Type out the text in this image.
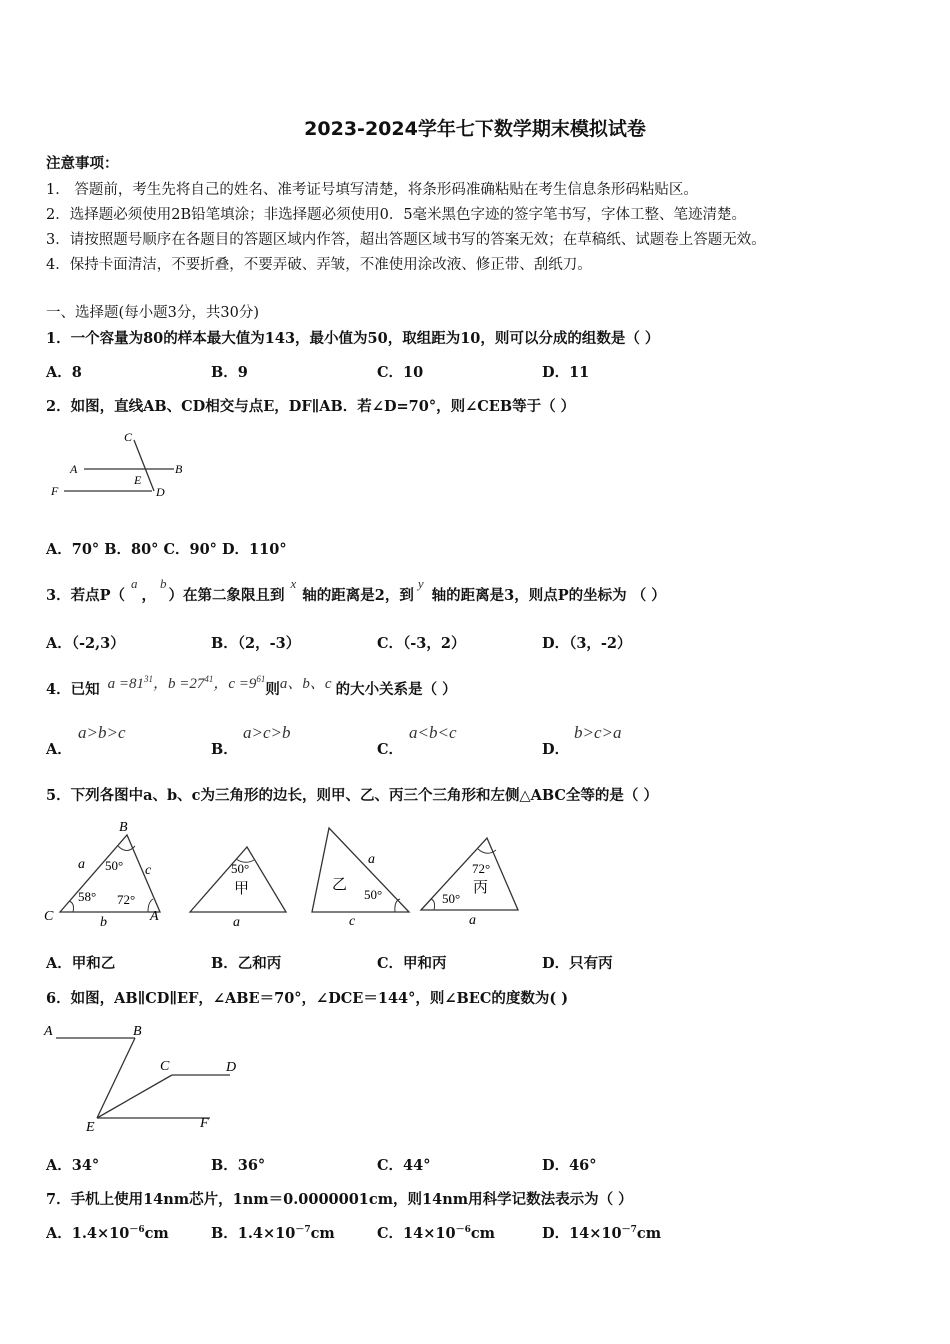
2023-2024学年七下数学期末模拟试卷
注意事项：
1． 答题前，考生先将自己的姓名、准考证号填写清楚，将条形码准确粘贴在考生信息条形码粘贴区。
2．选择题必须使用2B铅笔填涂；非选择题必须使用0．5毫米黑色字迹的签字笔书写，字体工整、笔迹清楚。
3．请按照题号顺序在各题目的答题区域内作答，超出答题区域书写的答案无效；在草稿纸、试题卷上答题无效。
4．保持卡面清洁，不要折叠，不要弄破、弄皱，不准使用涂改液、修正带、刮纸刀。
一、选择题(每小题3分，共30分)
1．一个容量为80的样本最大值为143，最小值为50，取组距为10，则可以分成的组数是（ ）
A．8	B．9	C．10	D．11
2．如图，直线AB、CD相交与点E，DF∥AB．若∠D=70°，则∠CEB等于（ ）
C
A	B
E
F	D
A．70° B．80° C．90° D．110°
3．若点P（a，b）在第二象限且到x轴的距离是2，到y轴的距离是3，则点P的坐标为 （ ）
A．（-2,3）	B．（2，-3）	C．（-3，2）	D．（3，-2）
4．已知 $a =81^{31}$，$b =27^{41}$，$c =9^{61}$则a、b、c 的大小关系是（ ）
A．
a>b>c
B．
a>c>b
C．
a<b<c
D．
b>c>a
5．下列各图中a、b、c为三角形的边长，则甲、乙、丙三个三角形和左侧△ABC全等的是（ ）
B
C	A
a	c
b
50°
58° 72°
50°
甲
a
乙
a
50°
c
72°
丙
50°
a
A．甲和乙	B．乙和丙	C．甲和丙	D．只有丙
6．如图，AB∥CD∥EF，∠ABE＝70°，∠DCE＝144°，则∠BEC的度数为( )
A	B
C	D
E	F
A．34°	B．36°	C．44°	D．46°
7．手机上使用14nm芯片，1nm＝0.0000001cm，则14nm用科学记数法表示为（ ）
A．$1.4\times 10^{-6}cm$	B．$1.4\times 10^{-7}cm$	C．$14\times 10^{-6}cm$	D．$14\times 10^{-7}cm$
